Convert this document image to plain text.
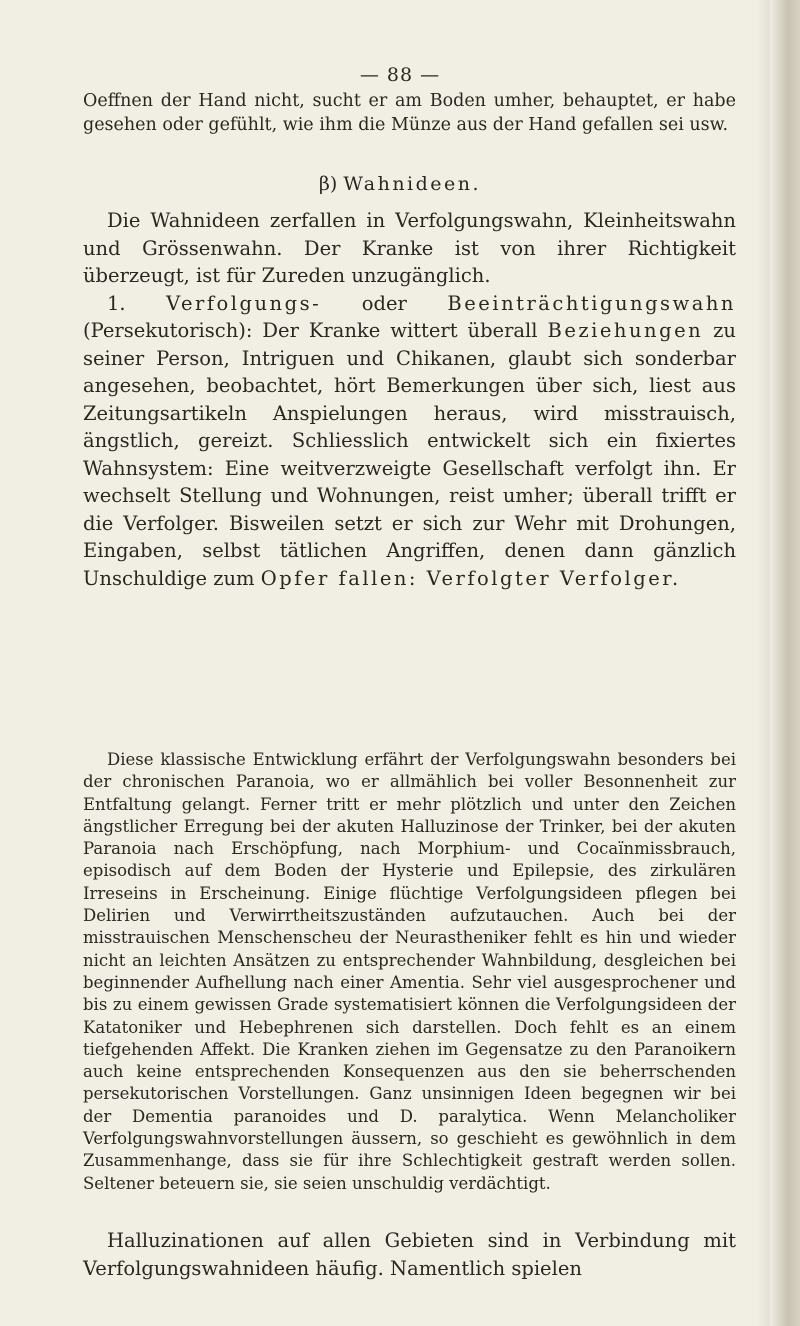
— 88 —

Oeffnen der Hand nicht, sucht er am Boden umher, behauptet, er habe gesehen oder gefühlt, wie ihm die Münze aus der Hand gefallen sei usw.

β) Wahnideen.

Die Wahnideen zerfallen in Verfolgungswahn, Kleinheitswahn und Grössenwahn. Der Kranke ist von ihrer Richtigkeit überzeugt, ist für Zureden unzugänglich.

1. Verfolgungs- oder Beeinträchtigungswahn (Persekutorisch): Der Kranke wittert überall Beziehungen zu seiner Person, Intriguen und Chikanen, glaubt sich sonderbar angesehen, beobachtet, hört Bemerkungen über sich, liest aus Zeitungsartikeln Anspielungen heraus, wird misstrauisch, ängstlich, gereizt. Schliesslich entwickelt sich ein fixiertes Wahnsystem: Eine weitverzweigte Gesellschaft verfolgt ihn. Er wechselt Stellung und Wohnungen, reist umher; überall trifft er die Verfolger. Bisweilen setzt er sich zur Wehr mit Drohungen, Eingaben, selbst tätlichen Angriffen, denen dann gänzlich Unschuldige zum Opfer fallen: Verfolgter Verfolger.

Diese klassische Entwicklung erfährt der Verfolgungswahn besonders bei der chronischen Paranoia, wo er allmählich bei voller Besonnenheit zur Entfaltung gelangt. Ferner tritt er mehr plötzlich und unter den Zeichen ängstlicher Erregung bei der akuten Halluzinose der Trinker, bei der akuten Paranoia nach Erschöpfung, nach Morphium- und Cocaïnmissbrauch, episodisch auf dem Boden der Hysterie und Epilepsie, des zirkulären Irreseins in Erscheinung. Einige flüchtige Verfolgungsideen pflegen bei Delirien und Verwirrtheitszuständen aufzutauchen. Auch bei der misstrauischen Menschenscheu der Neurastheniker fehlt es hin und wieder nicht an leichten Ansätzen zu entsprechender Wahnbildung, desgleichen bei beginnender Aufhellung nach einer Amentia. Sehr viel ausgesprochener und bis zu einem gewissen Grade systematisiert können die Verfolgungsideen der Katatoniker und Hebephrenen sich darstellen. Doch fehlt es an einem tiefgehenden Affekt. Die Kranken ziehen im Gegensatze zu den Paranoikern auch keine entsprechenden Konsequenzen aus den sie beherrschenden persekutorischen Vorstellungen. Ganz unsinnigen Ideen begegnen wir bei der Dementia paranoides und D. paralytica. Wenn Melancholiker Verfolgungswahnvorstellungen äussern, so geschieht es gewöhnlich in dem Zusammenhange, dass sie für ihre Schlechtigkeit gestraft werden sollen. Seltener beteuern sie, sie seien unschuldig verdächtigt.

Halluzinationen auf allen Gebieten sind in Verbindung mit Verfolgungswahnideen häufig. Namentlich spielen
